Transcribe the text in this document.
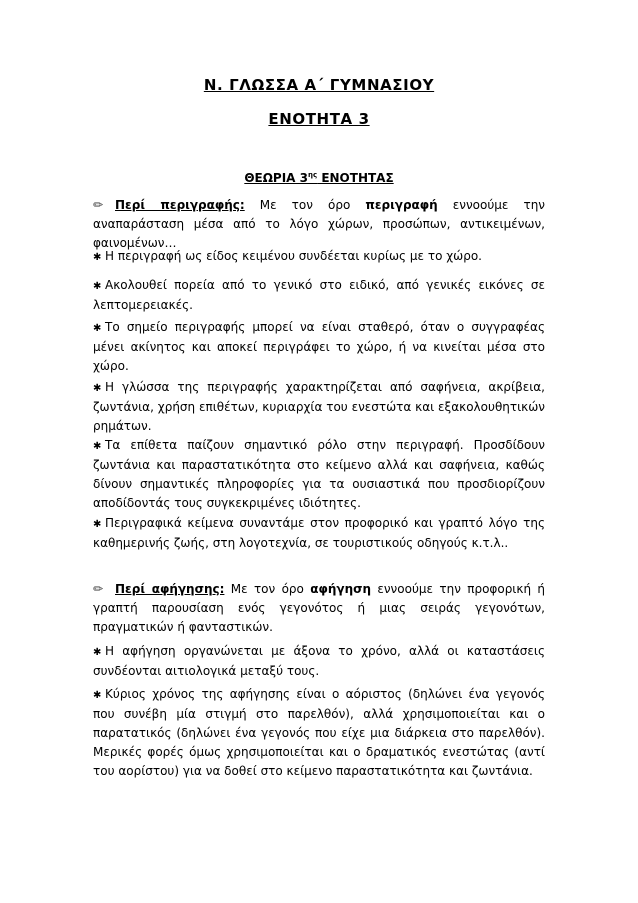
Ν. ΓΛΩΣΣΑ Α΄ ΓΥΜΝΑΣΙΟΥ
ΕΝΟΤΗΤΑ 3
ΘΕΩΡΙΑ $3^{\eta\varsigma}$ ΕΝΟΤΗΤΑΣ

✏ Περί περιγραφής: Με τον όρο περιγραφή εννοούμε την αναπαράσταση μέσα από το λόγο χώρων, προσώπων, αντικειμένων, φαινομένων…

✱ Η περιγραφή ως είδος κειμένου συνδέεται κυρίως με το χώρο.

✱ Ακολουθεί πορεία από το γενικό στο ειδικό, από γενικές εικόνες σε λεπτομερειακές.

✱ Το σημείο περιγραφής μπορεί να είναι σταθερό, όταν ο συγγραφέας μένει ακίνητος και αποκεί περιγράφει το χώρο, ή να κινείται μέσα στο χώρο.

✱ Η γλώσσα της περιγραφής χαρακτηρίζεται από σαφήνεια, ακρίβεια, ζωντάνια, χρήση επιθέτων, κυριαρχία του ενεστώτα και εξακολουθητικών ρημάτων.

✱ Τα επίθετα παίζουν σημαντικό ρόλο στην περιγραφή. Προσδίδουν ζωντάνια και παραστατικότητα στο κείμενο αλλά και σαφήνεια, καθώς δίνουν σημαντικές πληροφορίες για τα ουσιαστικά που προσδιορίζουν αποδίδοντάς τους συγκεκριμένες ιδιότητες.

✱ Περιγραφικά κείμενα συναντάμε στον προφορικό και γραπτό λόγο της καθημερινής ζωής, στη λογοτεχνία, σε τουριστικούς οδηγούς κ.τ.λ..

✏ Περί αφήγησης: Με τον όρο αφήγηση εννοούμε την προφορική ή γραπτή παρουσίαση ενός γεγονότος ή μιας σειράς γεγονότων, πραγματικών ή φανταστικών.

✱ Η αφήγηση οργανώνεται με άξονα το χρόνο, αλλά οι καταστάσεις συνδέονται αιτιολογικά μεταξύ τους.

✱ Κύριος χρόνος της αφήγησης είναι ο αόριστος (δηλώνει ένα γεγονός που συνέβη μία στιγμή στο παρελθόν), αλλά χρησιμοποιείται και ο παρατατικός (δηλώνει ένα γεγονός που είχε μια διάρκεια στο παρελθόν). Μερικές φορές όμως χρησιμοποιείται και ο δραματικός ενεστώτας (αντί του αορίστου) για να δοθεί στο κείμενο παραστατικότητα και ζωντάνια.
